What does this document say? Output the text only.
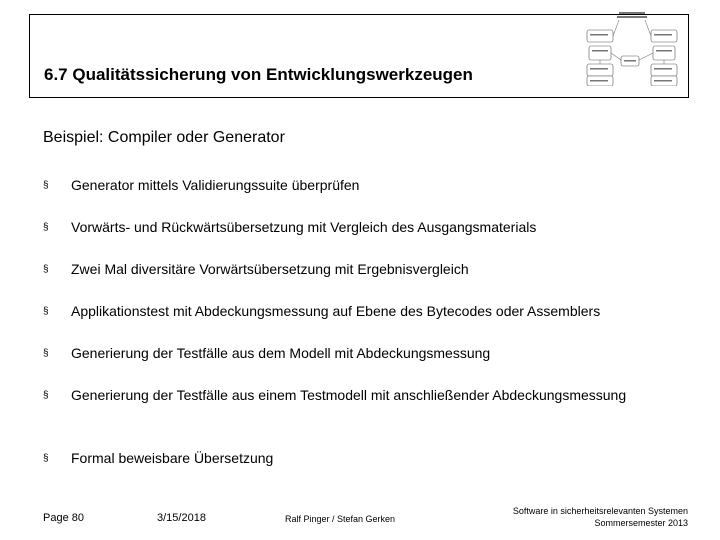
6.7 Qualitätssicherung von Entwicklungswerkzeugen
Beispiel: Compiler oder Generator
§ Generator mittels Validierungssuite überprüfen
§ Vorwärts- und Rückwärtsübersetzung mit Vergleich des Ausgangsmaterials
§ Zwei Mal diversitäre Vorwärtsübersetzung mit Ergebnisvergleich
§ Applikationstest mit Abdeckungsmessung auf Ebene des Bytecodes oder Assemblers
§ Generierung der Testfälle aus dem Modell mit Abdeckungsmessung
§ Generierung der Testfälle aus einem Testmodell mit anschließender Abdeckungsmessung
§ Formal beweisbare Übersetzung
Page 80	3/15/2018	Ralf Pinger / Stefan Gerken
Software in sicherheitsrelevanten Systemen
Sommersemester 2013
